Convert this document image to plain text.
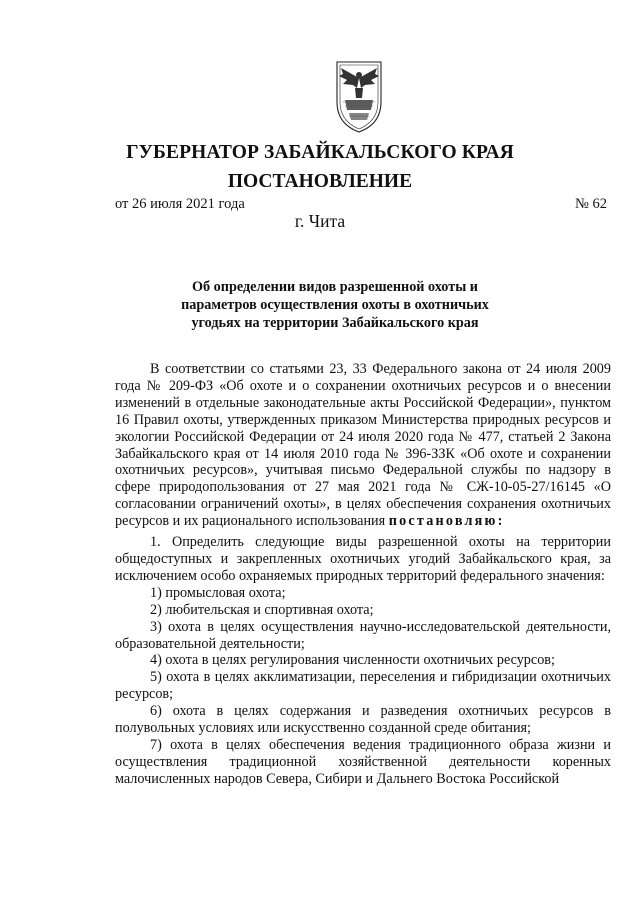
ГУБЕРНАТОР ЗАБАЙКАЛЬСКОГО КРАЯ
ПОСТАНОВЛЕНИЕ
от 26 июля 2021 года	№ 62
г. Чита
Об определении видов разрешенной охоты и
параметров осуществления охоты в охотничьих
угодьях на территории Забайкальского края

В соответствии со статьями 23, 33 Федерального закона от 24 июля 2009 года № 209-ФЗ «Об охоте и о сохранении охотничьих ресурсов и о внесении изменений в отдельные законодательные акты Российской Федерации», пунктом 16 Правил охоты, утвержденных приказом Министерства природных ресурсов и экологии Российской Федерации от 24 июля 2020 года № 477, статьей 2 Закона Забайкальского края от 14 июля 2010 года № 396-ЗЗК «Об охоте и сохранении охотничьих ресурсов», учитывая письмо Федеральной службы по надзору в сфере природопользования от 27 мая 2021 года № СЖ-10-05-27/16145 «О согласовании ограничений охоты», в целях обеспечения сохранения охотничьих ресурсов и их рационального использования постановляю:

1. Определить следующие виды разрешенной охоты на территории общедоступных и закрепленных охотничьих угодий Забайкальского края, за исключением особо охраняемых природных территорий федерального значения:

1) промысловая охота;

2) любительская и спортивная охота;

3) охота в целях осуществления научно-исследовательской деятельности, образовательной деятельности;

4) охота в целях регулирования численности охотничьих ресурсов;

5) охота в целях акклиматизации, переселения и гибридизации охотничьих ресурсов;

6) охота в целях содержания и разведения охотничьих ресурсов в полувольных условиях или искусственно созданной среде обитания;

7) охота в целях обеспечения ведения традиционного образа жизни и осуществления традиционной хозяйственной деятельности коренных малочисленных народов Севера, Сибири и Дальнего Востока Российской
